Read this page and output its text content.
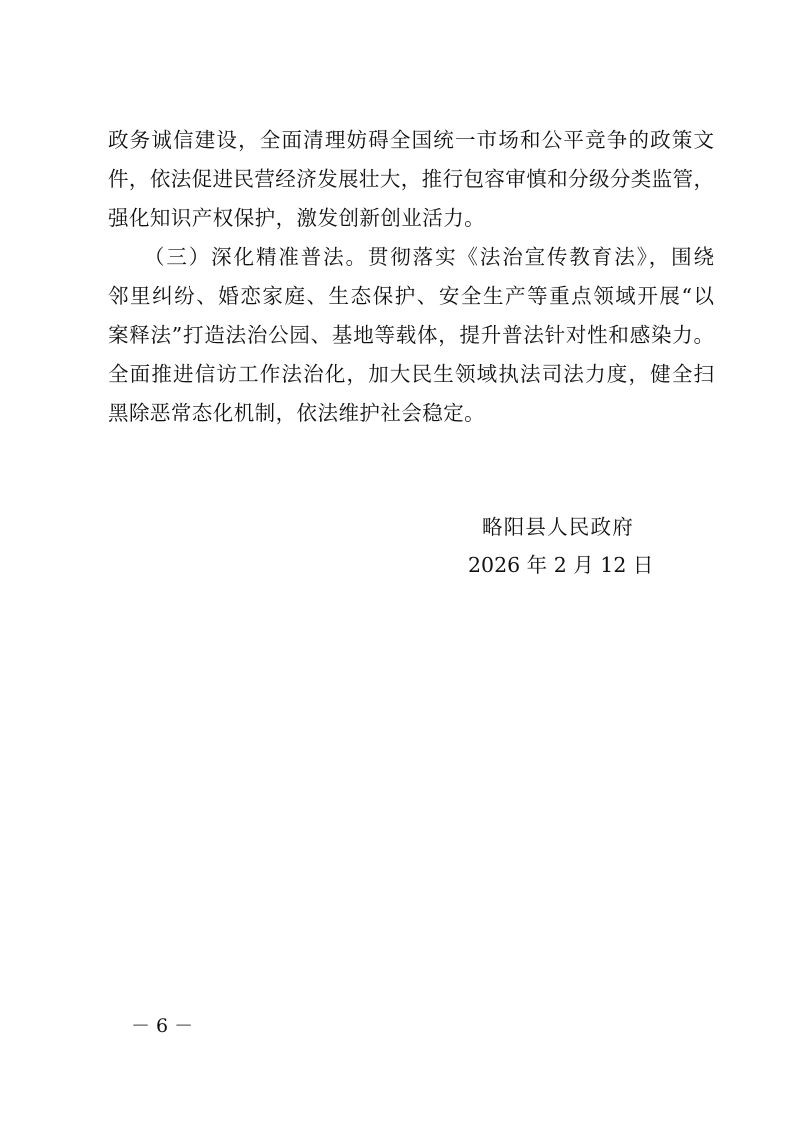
政务诚信建设，全面清理妨碍全国统一市场和公平竞争的政策文
件，依法促进民营经济发展壮大，推行包容审慎和分级分类监管，
强化知识产权保护，激发创新创业活力。
（三）深化精准普法。贯彻落实《法治宣传教育法》，围绕
邻里纠纷、婚恋家庭、生态保护、安全生产等重点领域开展“以
案释法”打造法治公园、基地等载体，提升普法针对性和感染力。
全面推进信访工作法治化，加大民生领域执法司法力度，健全扫
黑除恶常态化机制，依法维护社会稳定。
略阳县人民政府
2026 年 2 月 12 日
－ 6 －
